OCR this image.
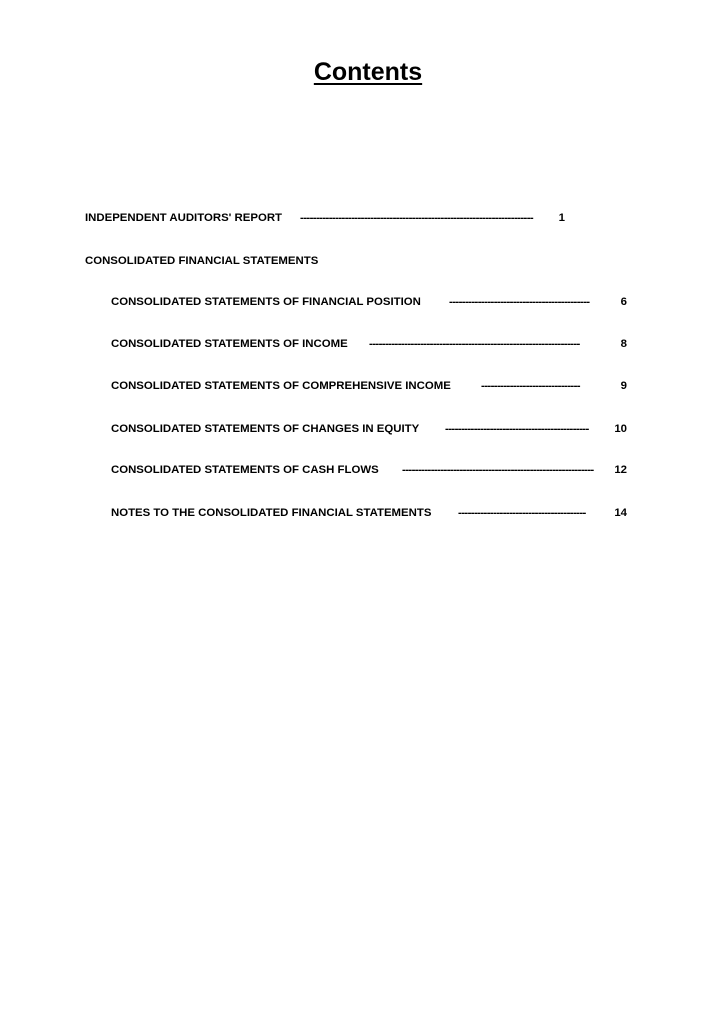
Contents
INDEPENDENT AUDITORS' REPORT -------------------------------------------------------------------------	1
CONSOLIDATED FINANCIAL STATEMENTS
CONSOLIDATED STATEMENTS OF FINANCIAL POSITION --------------------------------------------	6
CONSOLIDATED STATEMENTS OF INCOME ------------------------------------------------------------------	8
CONSOLIDATED STATEMENTS OF COMPREHENSIVE INCOME	-------------------------------	9
CONSOLIDATED STATEMENTS OF CHANGES IN EQUITY ---------------------------------------------	10
CONSOLIDATED STATEMENTS OF CASH FLOWS ------------------------------------------------------------	12
NOTES TO THE CONSOLIDATED FINANCIAL STATEMENTS ----------------------------------------	14
